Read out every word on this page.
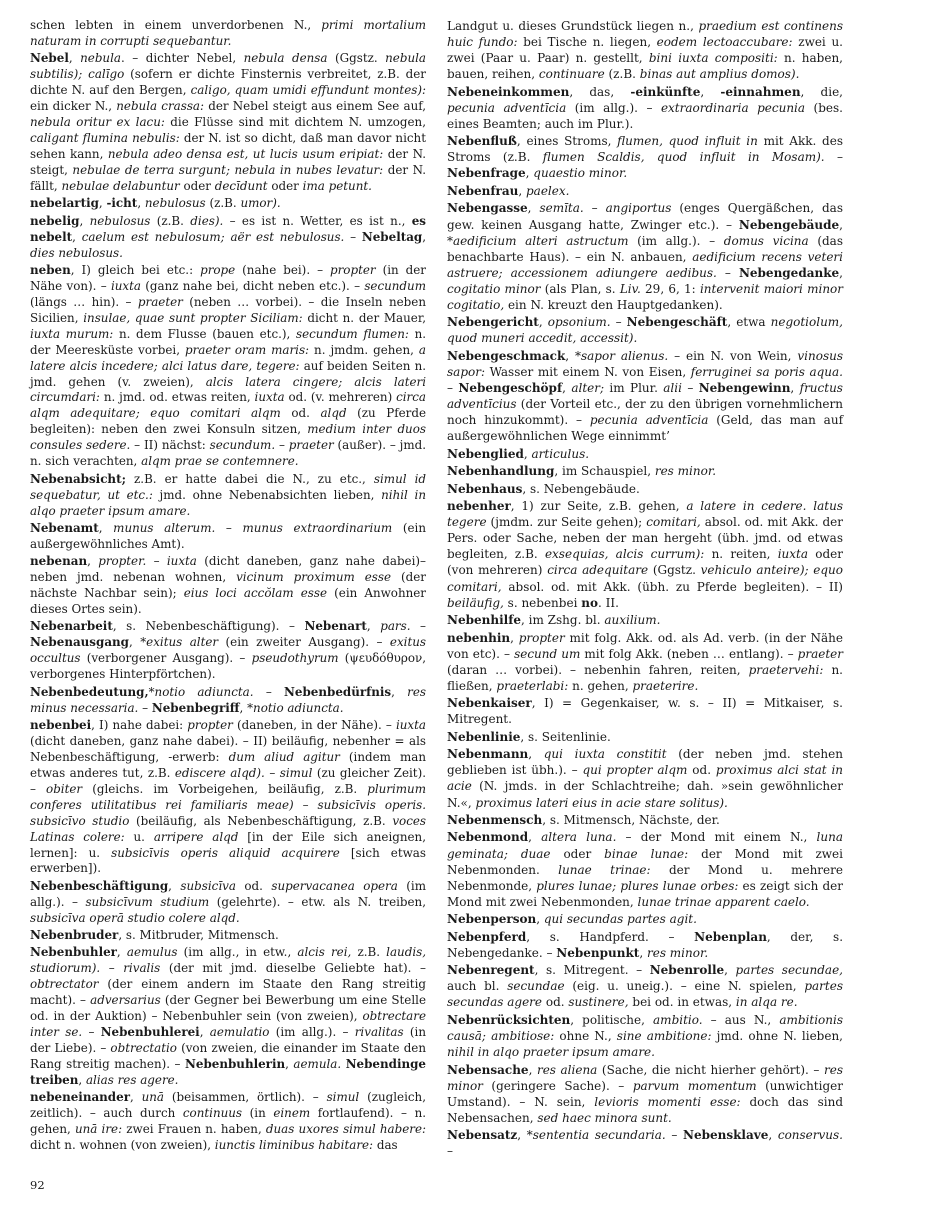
schen lebten in einem unverdorbenen N., primi mortalium naturam in corrupti sequebantur.

Nebel, nebula. – dichter Nebel, nebula densa (Ggstz. nebula subtilis); calīgo (sofern er dichte Finsternis verbreitet, z.B. der dichte N. auf den Bergen, caligo, quam umidi effundunt montes): ein dicker N., nebula crassa: der Nebel steigt aus einem See auf, nebula oritur ex lacu: die Flüsse sind mit dichtem N. umzogen, caligant flumina nebulis: der N. ist so dicht, daß man davor nicht sehen kann, nebula adeo densa est, ut lucis usum eripiat: der N. steigt, nebulae de terra surgunt; nebula in nubes levatur: der N. fällt, nebulae delabuntur oder decīdunt oder ima petunt.

nebelartig, -icht, nebulosus (z.B. umor).

nebelig, nebulosus (z.B. dies). – es ist n. Wetter, es ist n., es nebelt, caelum est nebulosum; aër est nebulosus. – Nebeltag, dies nebulosus.

neben, I) gleich bei etc.: prope (nahe bei). – propter (in der Nähe von). – iuxta (ganz nahe bei, dicht neben etc.). – secundum (längs … hin). – praeter (neben … vorbei). – die Inseln neben Sicilien, insulae, quae sunt propter Siciliam: dicht n. der Mauer, iuxta murum: n. dem Flusse (bauen etc.), secundum flumen: n. der Meeresküste vorbei, praeter oram maris: n. jmdm. gehen, a latere alcis incedere; alci latus dare, tegere: auf beiden Seiten n. jmd. gehen (v. zweien), alcis latera cingere; alcis lateri circumdari: n. jmd. od. etwas reiten, iuxta od. (v. mehreren) circa alqm adequitare; equo comitari alqm od. alqd (zu Pferde begleiten): neben den zwei Konsuln sitzen, medium inter duos consules sedere. – II) nächst: secundum. – praeter (außer). – jmd. n. sich verachten, alqm prae se contemnere.

Nebenabsicht; z.B. er hatte dabei die N., zu etc., simul id sequebatur, ut etc.: jmd. ohne Nebenabsichten lieben, nihil in alqo praeter ipsum amare.

Nebenamt, munus alterum. – munus extraordinarium (ein außergewöhnliches Amt).

nebenan, propter. – iuxta (dicht daneben, ganz nahe dabei)– neben jmd. nebenan wohnen, vicinum proximum esse (der nächste Nachbar sein); eius loci accŏlam esse (ein Anwohner dieses Ortes sein).

Nebenarbeit, s. Nebenbeschäftigung). – Nebenart, pars. – Nebenausgang, *exitus alter (ein zweiter Ausgang). – exitus occultus (verborgener Ausgang). – pseudothyrum (ψευδόθυρον, verborgenes Hinterpförtchen).

Nebenbedeutung,*notio adiuncta. – Nebenbedürfnis, res minus necessaria. – Nebenbegriff, *notio adiuncta.

nebenbei, I) nahe dabei: propter (daneben, in der Nähe). – iuxta (dicht daneben, ganz nahe dabei). – II) beiläufig, nebenher = als Nebenbeschäftigung, -erwerb: dum aliud agitur (indem man etwas anderes tut, z.B. ediscere alqd). – simul (zu gleicher Zeit). – obiter (gleichs. im Vorbeigehen, beiläufig, z.B. plurimum conferes utilitatibus rei familiaris meae) – subsicīvis operis. subsicīvo studio (beiläufig, als Nebenbeschäftigung, z.B. voces Latinas colere: u. arripere alqd [in der Eile sich aneignen, lernen]: u. subsicīvis operis aliquid acquirere [sich etwas erwerben]).

Nebenbeschäftigung, subsicīva od. supervacanea opera (im allg.). – subsicīvum studium (gelehrte). – etw. als N. treiben, subsicīva operā studio colere alqd.

Nebenbruder, s. Mitbruder, Mitmensch.

Nebenbuhler, aemulus (im allg., in etw., alcis rei, z.B. laudis, studiorum). – rivalis (der mit jmd. dieselbe Geliebte hat). – obtrectator (der einem andern im Staate den Rang streitig macht). – adversarius (der Gegner bei Bewerbung um eine Stelle od. in der Auktion) – Nebenbuhler sein (von zweien), obtrectare inter se. – Nebenbuhlerei, aemulatio (im allg.). – rivalitas (in der Liebe). – obtrectatio (von zweien, die einander im Staate den Rang streitig machen). – Nebenbuhlerin, aemula. Nebendinge treiben, alias res agere.

nebeneinander, unā (beisammen, örtlich). – simul (zugleich, zeitlich). – auch durch continuus (in einem fortlaufend). – n. gehen, unā ire: zwei Frauen n. haben, duas uxores simul habere: dicht n. wohnen (von zweien), iunctis liminibus habitare: das

Landgut u. dieses Grundstück liegen n., praedium est continens huic fundo: bei Tische n. liegen, eodem lectoaccubare: zwei u. zwei (Paar u. Paar) n. gestellt, bini iuxta compositi: n. haben, bauen, reihen, continuare (z.B. binas aut amplius domos).

Nebeneinkommen, das, -einkünfte, -einnahmen, die, pecunia adventīcia (im allg.). – extraordinaria pecunia (bes. eines Beamten; auch im Plur.).

Nebenfluß, eines Stroms, flumen, quod influit in mit Akk. des Stroms (z.B. flumen Scaldis, quod influit in Mosam). – Nebenfrage, quaestio minor.

Nebenfrau, paelex.

Nebengasse, semīta. – angiportus (enges Quergäßchen, das gew. keinen Ausgang hatte, Zwinger etc.). – Nebengebäude, *aedificium alteri astructum (im allg.). – domus vicina (das benachbarte Haus). – ein N. anbauen, aedificium recens veteri astruere; accessionem adiungere aedibus. – Nebengedanke, cogitatio minor (als Plan, s. Liv. 29, 6, 1: intervenit maiori minor cogitatio, ein N. kreuzt den Hauptgedanken).

Nebengericht, opsonium. – Nebengeschäft, etwa negotiolum, quod muneri accedit, accessit).

Nebengeschmack, *sapor alienus. – ein N. von Wein, vinosus sapor: Wasser mit einem N. von Eisen, ferruginei sa poris aqua. – Nebengeschöpf, alter; im Plur. alii – Nebengewinn, fructus adventīcius (der Vorteil etc., der zu den übrigen vornehmlichern noch hinzukommt). – pecunia adventīcia (Geld, das man auf außergewöhnlichen Wege einnimmt’

Nebenglied, articulus.

Nebenhandlung, im Schauspiel, res minor.

Nebenhaus, s. Nebengebäude.

nebenher, 1) zur Seite, z.B. gehen, a latere in cedere. latus tegere (jmdm. zur Seite gehen); comitari, absol. od. mit Akk. der Pers. oder Sache, neben der man hergeht (übh. jmd. od etwas begleiten, z.B. exsequias, alcis currum): n. reiten, iuxta oder (von mehreren) circa adequitare (Ggstz. vehiculo anteire); equo comitari, absol. od. mit Akk. (übh. zu Pferde begleiten). – II) beiläufig, s. nebenbei no. II.

Nebenhilfe, im Zshg. bl. auxilium.

nebenhin, propter mit folg. Akk. od. als Ad. verb. (in der Nähe von etc). – secund um mit folg Akk. (neben … entlang). – praeter (daran … vorbei). – nebenhin fahren, reiten, praetervehi: n. fließen, praeterlabi: n. gehen, praeterire.

Nebenkaiser, I) = Gegenkaiser, w. s. – II) = Mitkaiser, s. Mitregent.

Nebenlinie, s. Seitenlinie.

Nebenmann, qui iuxta constitit (der neben jmd. stehen geblieben ist übh.). – qui propter alqm od. proximus alci stat in acie (N. jmds. in der Schlachtreihe; dah. »sein gewöhnlicher N.«, proximus lateri eius in acie stare solitus).

Nebenmensch, s. Mitmensch, Nächste, der.

Nebenmond, altera luna. – der Mond mit einem N., luna geminata; duae oder binae lunae: der Mond mit zwei Nebenmonden. lunae trinae: der Mond u. mehrere Nebenmonde, plures lunae; plures lunae orbes: es zeigt sich der Mond mit zwei Nebenmonden, lunae trinae apparent caelo.

Nebenperson, qui secundas partes agit.

Nebenpferd, s. Handpferd. – Nebenplan, der, s. Nebengedanke. – Nebenpunkt, res minor.

Nebenregent, s. Mitregent. – Nebenrolle, partes secundae, auch bl. secundae (eig. u. uneig.). – eine N. spielen, partes secundas agere od. sustinere, bei od. in etwas, in alqa re.

Nebenrücksichten, politische, ambitio. – aus N., ambitionis causā; ambitiose: ohne N., sine ambitione: jmd. ohne N. lieben, nihil in alqo praeter ipsum amare.

Nebensache, res aliena (Sache, die nicht hierher gehört). – res minor (geringere Sache). – parvum momentum (unwichtiger Umstand). – N. sein, levioris momenti esse: doch das sind Nebensachen, sed haec minora sunt.

Nebensatz, *sententia secundaria. – Nebensklave, conservus. –

92
